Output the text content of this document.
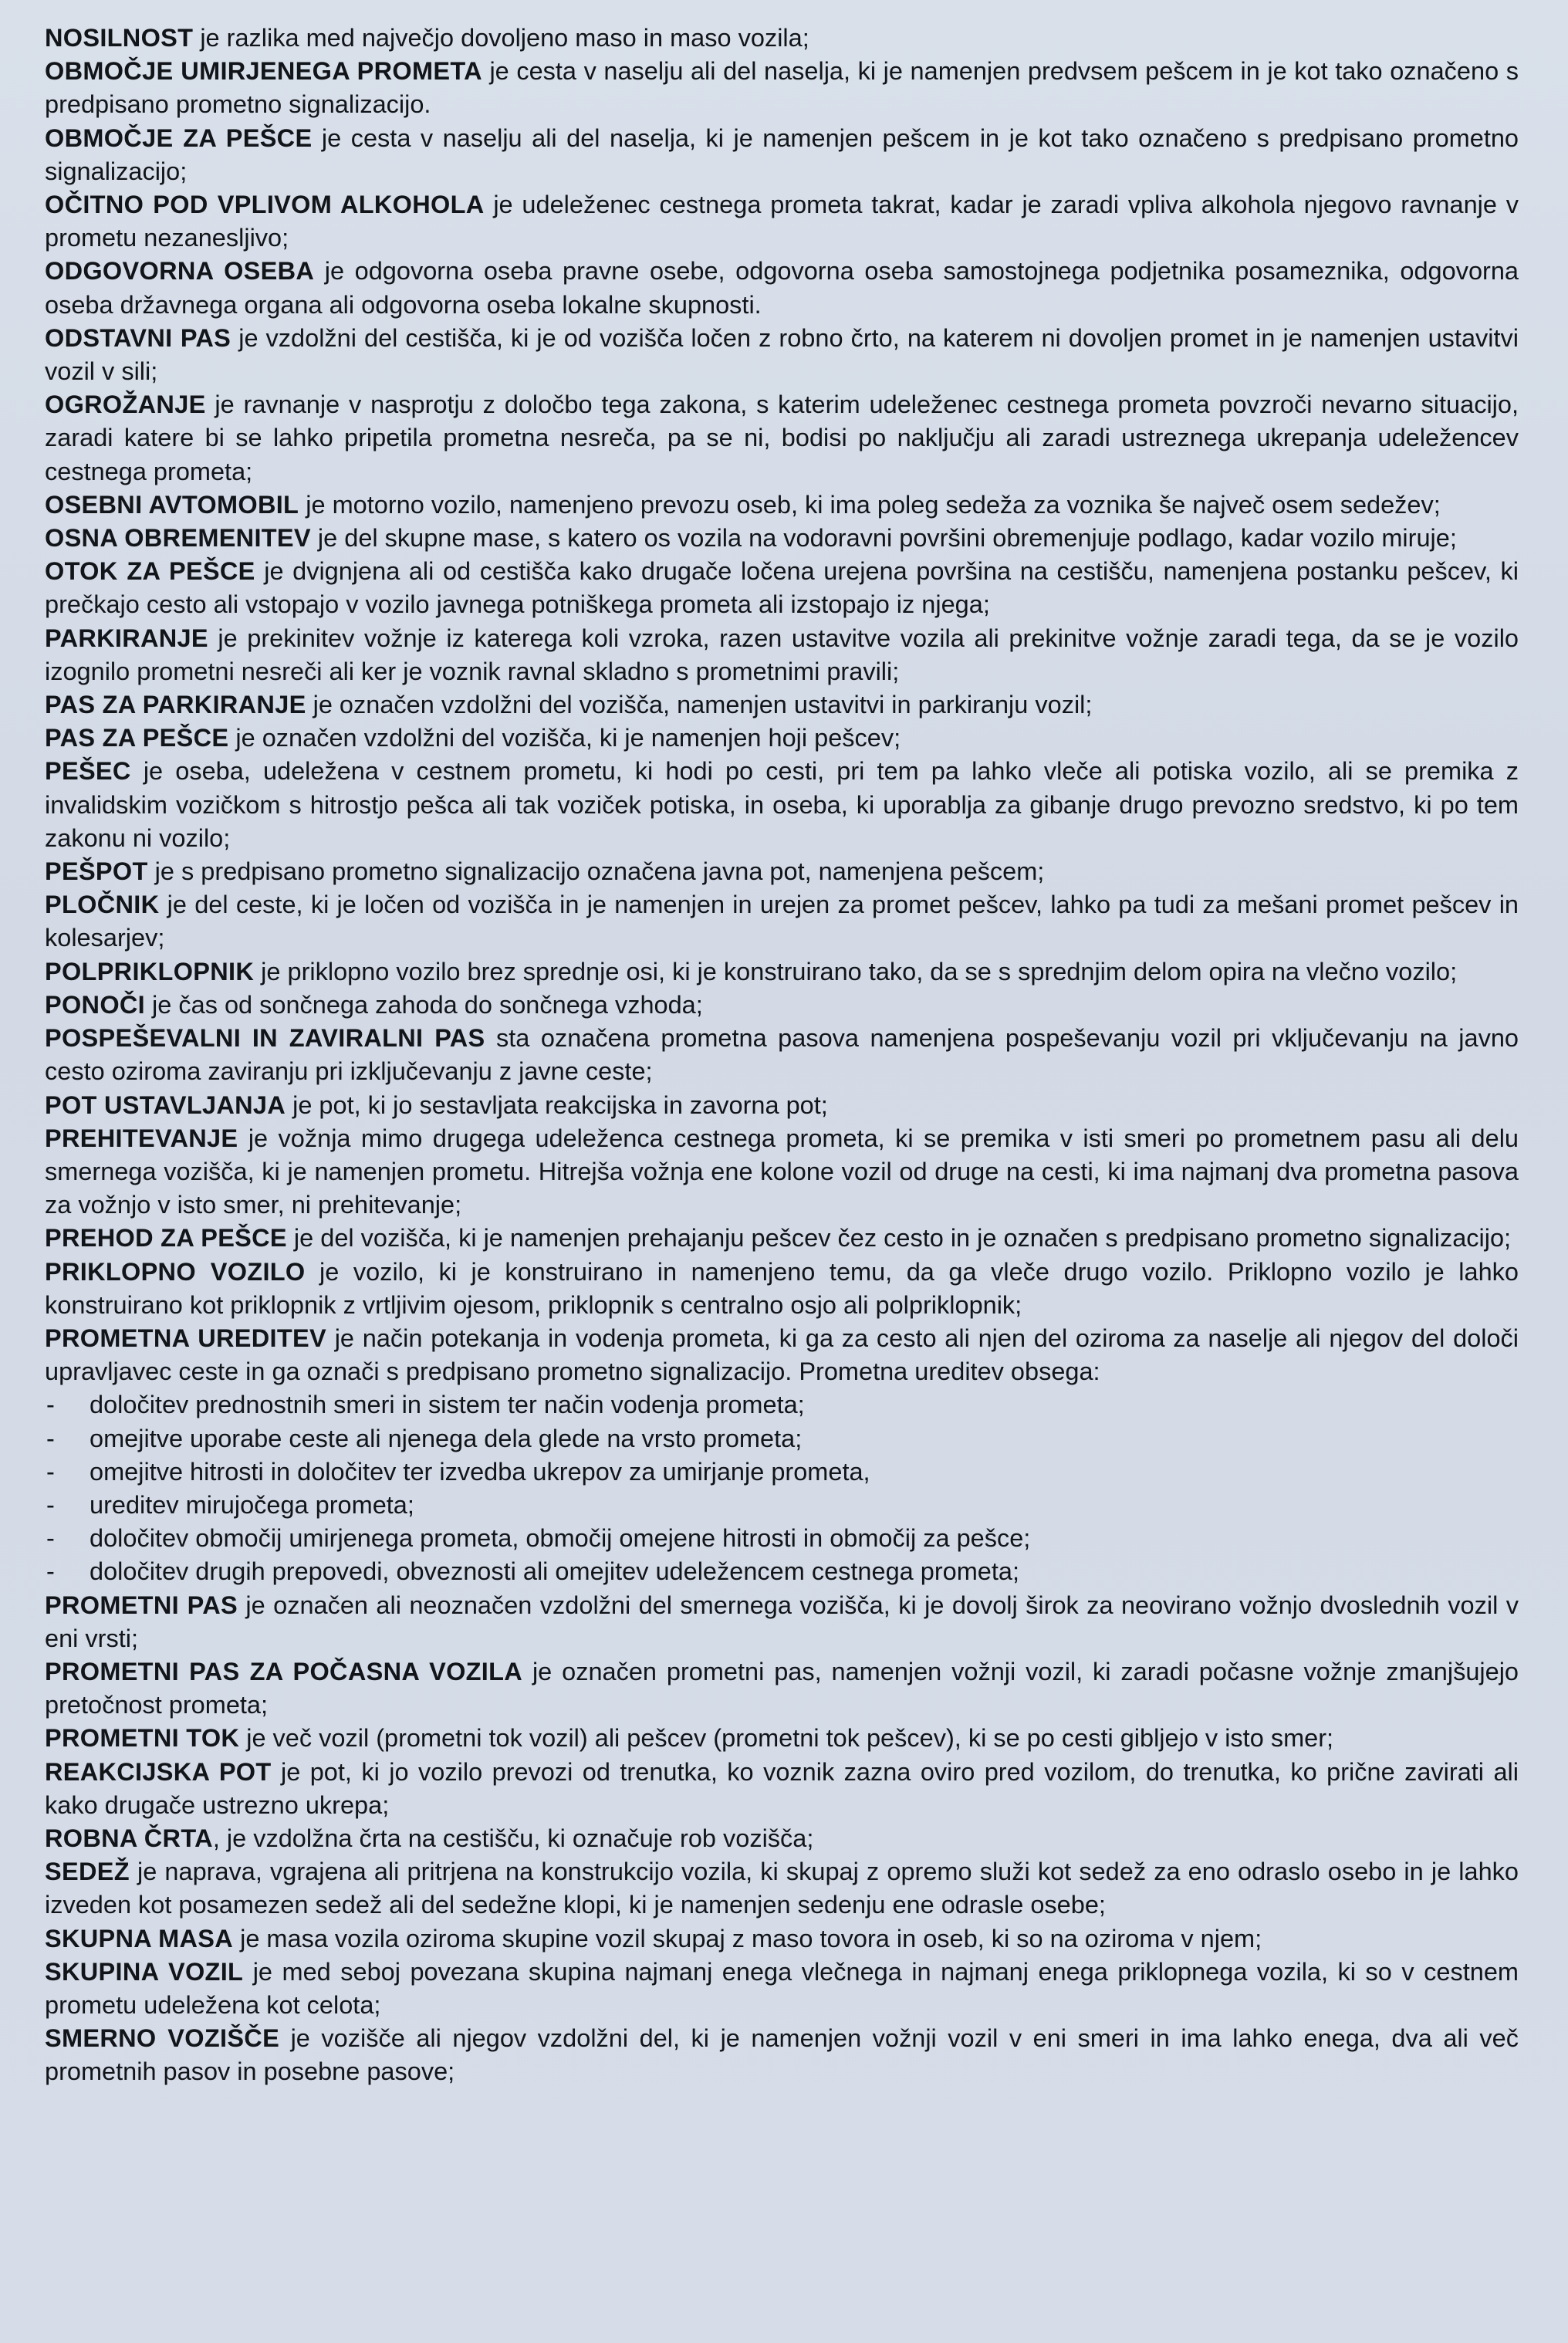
NOSILNOST je razlika med največjo dovoljeno maso in maso vozila;

OBMOČJE UMIRJENEGA PROMETA je cesta v naselju ali del naselja, ki je namenjen predvsem pešcem in je kot tako označeno s predpisano prometno signalizacijo.

OBMOČJE ZA PEŠCE je cesta v naselju ali del naselja, ki je namenjen pešcem in je kot tako označeno s predpisano prometno signalizacijo;

OČITNO POD VPLIVOM ALKOHOLA je udeleženec cestnega prometa takrat, kadar je zaradi vpliva alkohola njegovo ravnanje v prometu nezanesljivo;

ODGOVORNA OSEBA je odgovorna oseba pravne osebe, odgovorna oseba samostojnega podjetnika posameznika, odgovorna oseba državnega organa ali odgovorna oseba lokalne skupnosti.

ODSTAVNI PAS je vzdolžni del cestišča, ki je od vozišča ločen z robno črto, na katerem ni dovoljen promet in je namenjen ustavitvi vozil v sili;

OGROŽANJE je ravnanje v nasprotju z določbo tega zakona, s katerim udeleženec cestnega prometa povzroči nevarno situacijo, zaradi katere bi se lahko pripetila prometna nesreča, pa se ni, bodisi po naključju ali zaradi ustreznega ukrepanja udeležencev cestnega prometa;

OSEBNI AVTOMOBIL je motorno vozilo, namenjeno prevozu oseb, ki ima poleg sedeža za voznika še največ osem sedežev;

OSNA OBREMENITEV je del skupne mase, s katero os vozila na vodoravni površini obremenjuje podlago, kadar vozilo miruje;

OTOK ZA PEŠCE je dvignjena ali od cestišča kako drugače ločena urejena površina na cestišču, namenjena postanku pešcev, ki prečkajo cesto ali vstopajo v vozilo javnega potniškega prometa ali izstopajo iz njega;

PARKIRANJE je prekinitev vožnje iz katerega koli vzroka, razen ustavitve vozila ali prekinitve vožnje zaradi tega, da se je vozilo izognilo prometni nesreči ali ker je voznik ravnal skladno s prometnimi pravili;

PAS ZA PARKIRANJE je označen vzdolžni del vozišča, namenjen ustavitvi in parkiranju vozil;

PAS ZA PEŠCE je označen vzdolžni del vozišča, ki je namenjen hoji pešcev;

PEŠEC je oseba, udeležena v cestnem prometu, ki hodi po cesti, pri tem pa lahko vleče ali potiska vozilo, ali se premika z invalidskim vozičkom s hitrostjo pešca ali tak voziček potiska, in oseba, ki uporablja za gibanje drugo prevozno sredstvo, ki po tem zakonu ni vozilo;

PEŠPOT je s predpisano prometno signalizacijo označena javna pot, namenjena pešcem;

PLOČNIK je del ceste, ki je ločen od vozišča in je namenjen in urejen za promet pešcev, lahko pa tudi za mešani promet pešcev in kolesarjev;

POLPRIKLOPNIK je priklopno vozilo brez sprednje osi, ki je konstruirano tako, da se s sprednjim delom opira na vlečno vozilo;

PONOČI je čas od sončnega zahoda do sončnega vzhoda;

POSPEŠEVALNI IN ZAVIRALNI PAS sta označena prometna pasova namenjena pospeševanju vozil pri vključevanju na javno cesto oziroma zaviranju pri izključevanju z javne ceste;

POT USTAVLJANJA je pot, ki jo sestavljata reakcijska in zavorna pot;

PREHITEVANJE je vožnja mimo drugega udeleženca cestnega prometa, ki se premika v isti smeri po prometnem pasu ali delu smernega vozišča, ki je namenjen prometu. Hitrejša vožnja ene kolone vozil od druge na cesti, ki ima najmanj dva prometna pasova za vožnjo v isto smer, ni prehitevanje;

PREHOD ZA PEŠCE je del vozišča, ki je namenjen prehajanju pešcev čez cesto in je označen s predpisano prometno signalizacijo;

PRIKLOPNO VOZILO je vozilo, ki je konstruirano in namenjeno temu, da ga vleče drugo vozilo. Priklopno vozilo je lahko konstruirano kot priklopnik z vrtljivim ojesom, priklopnik s centralno osjo ali polpriklopnik;

PROMETNA UREDITEV je način potekanja in vodenja prometa, ki ga za cesto ali njen del oziroma za naselje ali njegov del določi upravljavec ceste in ga označi s predpisano prometno signalizacijo. Prometna ureditev obsega:

- določitev prednostnih smeri in sistem ter način vodenja prometa;
- omejitve uporabe ceste ali njenega dela glede na vrsto prometa;
- omejitve hitrosti in določitev ter izvedba ukrepov za umirjanje prometa,
- ureditev mirujočega prometa;
- določitev območij umirjenega prometa, območij omejene hitrosti in območij za pešce;
- določitev drugih prepovedi, obveznosti ali omejitev udeležencem cestnega prometa;

PROMETNI PAS je označen ali neoznačen vzdolžni del smernega vozišča, ki je dovolj širok za neovirano vožnjo dvoslednih vozil v eni vrsti;

PROMETNI PAS ZA POČASNA VOZILA je označen prometni pas, namenjen vožnji vozil, ki zaradi počasne vožnje zmanjšujejo pretočnost prometa;

PROMETNI TOK je več vozil (prometni tok vozil) ali pešcev (prometni tok pešcev), ki se po cesti gibljejo v isto smer;

REAKCIJSKA POT je pot, ki jo vozilo prevozi od trenutka, ko voznik zazna oviro pred vozilom, do trenutka, ko prične zavirati ali kako drugače ustrezno ukrepa;

ROBNA ČRTA, je vzdolžna črta na cestišču, ki označuje rob vozišča;

SEDEŽ je naprava, vgrajena ali pritrjena na konstrukcijo vozila, ki skupaj z opremo služi kot sedež za eno odraslo osebo in je lahko izveden kot posamezen sedež ali del sedežne klopi, ki je namenjen sedenju ene odrasle osebe;

SKUPNA MASA je masa vozila oziroma skupine vozil skupaj z maso tovora in oseb, ki so na oziroma v njem;

SKUPINA VOZIL je med seboj povezana skupina najmanj enega vlečnega in najmanj enega priklopnega vozila, ki so v cestnem prometu udeležena kot celota;

SMERNO VOZIŠČE je vozišče ali njegov vzdolžni del, ki je namenjen vožnji vozil v eni smeri in ima lahko enega, dva ali več prometnih pasov in posebne pasove;
